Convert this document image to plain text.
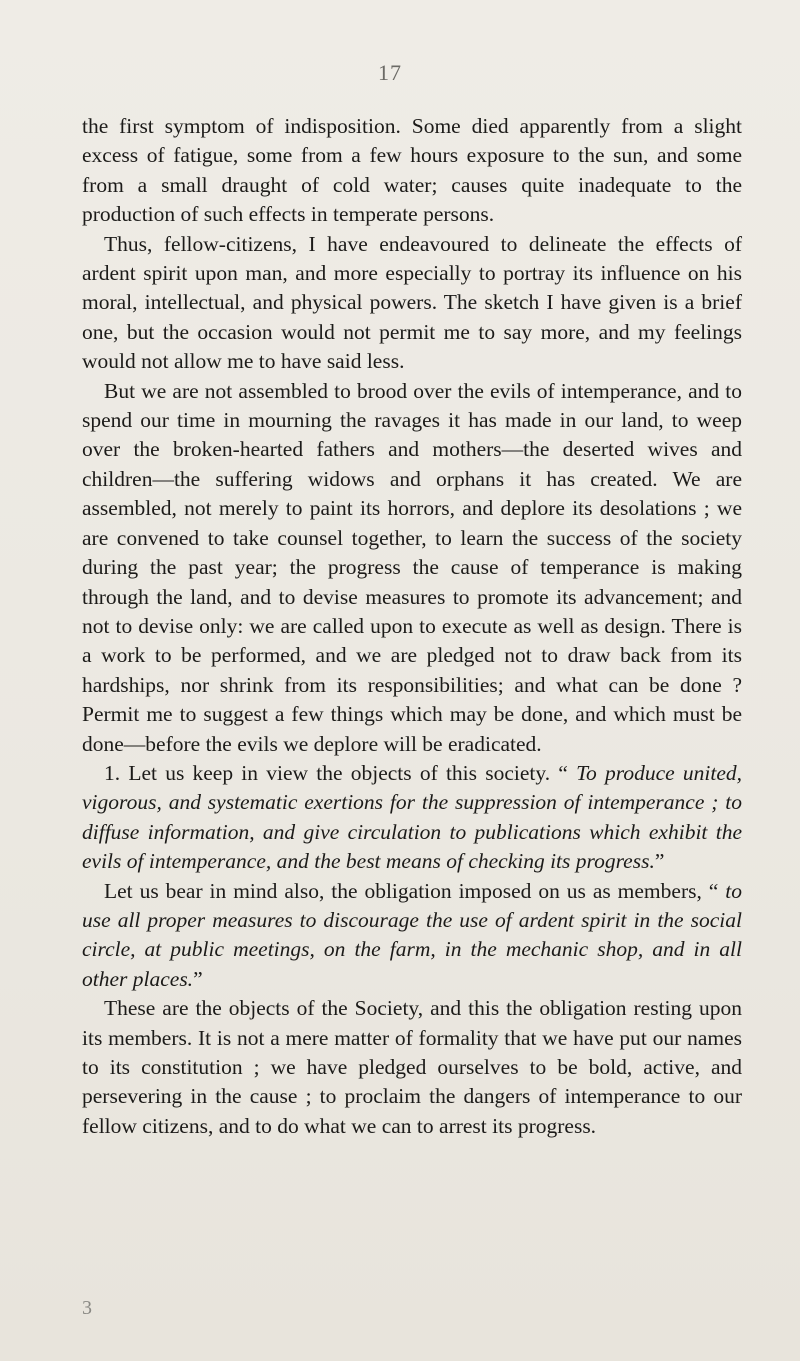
17

the first symptom of indisposition. Some died apparently from a slight excess of fatigue, some from a few hours exposure to the sun, and some from a small draught of cold water; causes quite inadequate to the production of such effects in temperate persons.

Thus, fellow-citizens, I have endeavoured to delineate the effects of ardent spirit upon man, and more especially to portray its influence on his moral, intellectual, and physical powers. The sketch I have given is a brief one, but the occasion would not permit me to say more, and my feelings would not allow me to have said less.

But we are not assembled to brood over the evils of intemperance, and to spend our time in mourning the ravages it has made in our land, to weep over the broken-hearted fathers and mothers—the deserted wives and children—the suffering widows and orphans it has created. We are assembled, not merely to paint its horrors, and deplore its desolations ; we are convened to take counsel together, to learn the success of the society during the past year; the progress the cause of temperance is making through the land, and to devise measures to promote its advancement; and not to devise only: we are called upon to execute as well as design. There is a work to be performed, and we are pledged not to draw back from its hardships, nor shrink from its responsibilities; and what can be done ? Permit me to suggest a few things which may be done, and which must be done—before the evils we deplore will be eradicated.

1. Let us keep in view the objects of this society. “ To produce united, vigorous, and systematic exertions for the suppression of intemperance ; to diffuse information, and give circulation to publications which exhibit the evils of intemperance, and the best means of checking its progress.”

Let us bear in mind also, the obligation imposed on us as members, “ to use all proper measures to discourage the use of ardent spirit in the social circle, at public meetings, on the farm, in the mechanic shop, and in all other places.”

These are the objects of the Society, and this the obligation resting upon its members. It is not a mere matter of formality that we have put our names to its constitution ; we have pledged ourselves to be bold, active, and persevering in the cause ; to proclaim the dangers of intemperance to our fellow citizens, and to do what we can to arrest its progress.

3
